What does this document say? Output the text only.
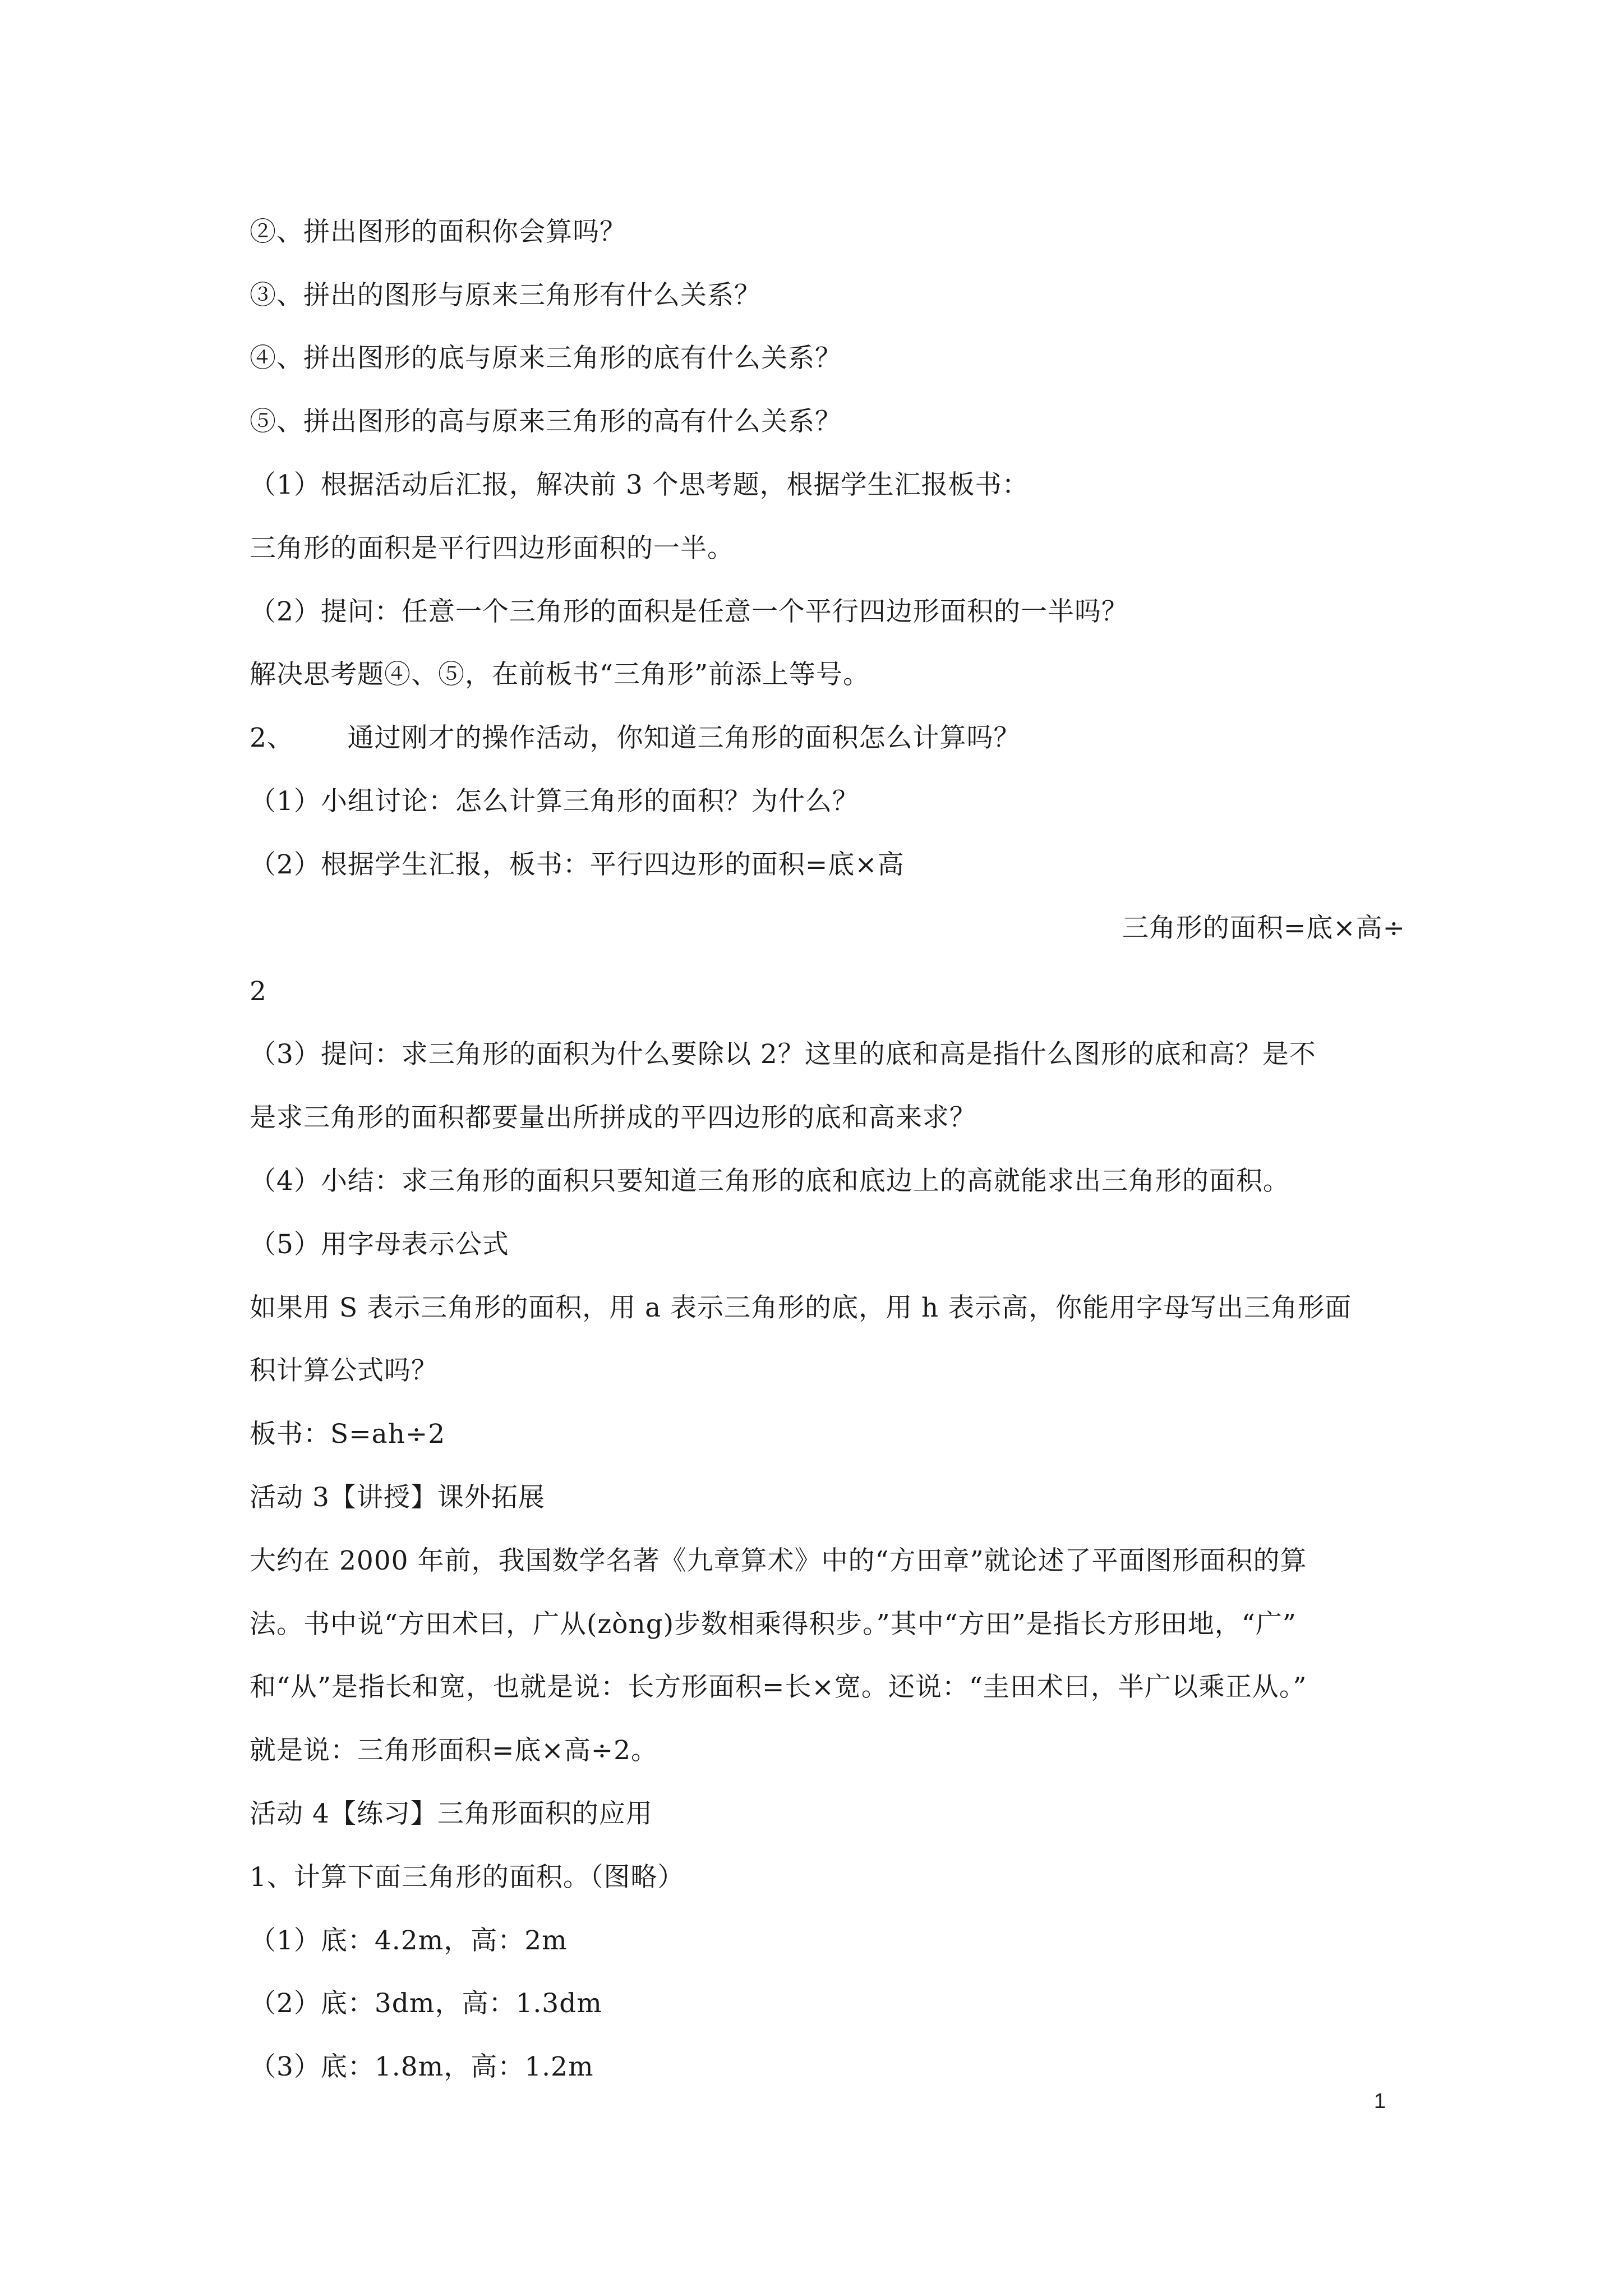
②、拼出图形的面积你会算吗？
③、拼出的图形与原来三角形有什么关系？
④、拼出图形的底与原来三角形的底有什么关系？
⑤、拼出图形的高与原来三角形的高有什么关系？
（1）根据活动后汇报，解决前 3 个思考题，根据学生汇报板书：
三角形的面积是平行四边形面积的一半。
（2）提问：任意一个三角形的面积是任意一个平行四边形面积的一半吗？
解决思考题④、⑤，在前板书“三角形”前添上等号。
2、      通过刚才的操作活动，你知道三角形的面积怎么计算吗？
（1）小组讨论：怎么计算三角形的面积？为什么？
（2）根据学生汇报，板书：平行四边形的面积=底×高
三角形的面积=底×高÷
2
（3）提问：求三角形的面积为什么要除以 2？这里的底和高是指什么图形的底和高？是不
是求三角形的面积都要量出所拼成的平四边形的底和高来求？
（4）小结：求三角形的面积只要知道三角形的底和底边上的高就能求出三角形的面积。
（5）用字母表示公式
如果用 S 表示三角形的面积，用 a 表示三角形的底，用 h 表示高，你能用字母写出三角形面
积计算公式吗？
板书：S=ah÷2
活动 3【讲授】课外拓展
大约在 2000 年前，我国数学名著《九章算术》中的“方田章”就论述了平面图形面积的算
法。书中说“方田术曰，广从(zòng)步数相乘得积步。”其中“方田”是指长方形田地，“广”
和“从”是指长和宽，也就是说：长方形面积=长×宽。还说：“圭田术曰，半广以乘正从。”
就是说：三角形面积=底×高÷2。
活动 4【练习】三角形面积的应用
1、计算下面三角形的面积。（图略）
（1）底：4.2m，高：2m
（2）底：3dm，高：1.3dm
（3）底：1.8m，高：1.2m
1
